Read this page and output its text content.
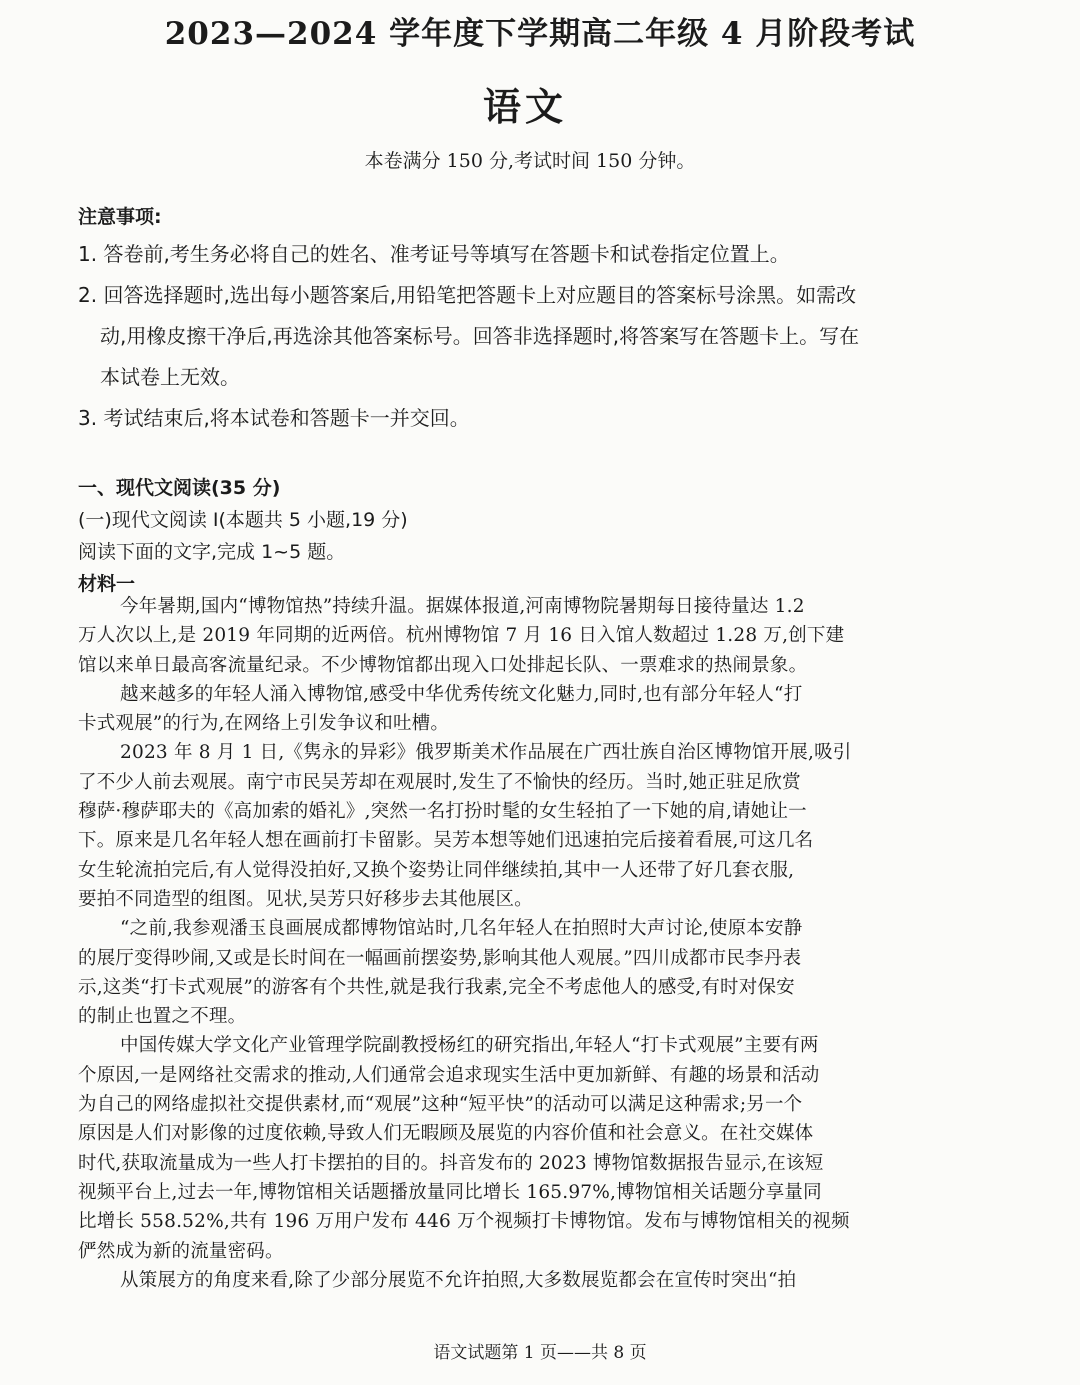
2023—2024 学年度下学期高二年级 4 月阶段考试
语文
本卷满分 150 分,考试时间 150 分钟。
注意事项:
1. 答卷前,考生务必将自己的姓名、准考证号等填写在答题卡和试卷指定位置上。
2. 回答选择题时,选出每小题答案后,用铅笔把答题卡上对应题目的答案标号涂黑。如需改
动,用橡皮擦干净后,再选涂其他答案标号。回答非选择题时,将答案写在答题卡上。写在
本试卷上无效。
3. 考试结束后,将本试卷和答题卡一并交回。
一、现代文阅读(35 分)
(一)现代文阅读 I(本题共 5 小题,19 分)
阅读下面的文字,完成 1~5 题。
材料一
今年暑期,国内“博物馆热”持续升温。据媒体报道,河南博物院暑期每日接待量达 1.2
万人次以上,是 2019 年同期的近两倍。杭州博物馆 7 月 16 日入馆人数超过 1.28 万,创下建
馆以来单日最高客流量纪录。不少博物馆都出现入口处排起长队、一票难求的热闹景象。
越来越多的年轻人涌入博物馆,感受中华优秀传统文化魅力,同时,也有部分年轻人“打
卡式观展”的行为,在网络上引发争议和吐槽。
2023 年 8 月 1 日,《隽永的异彩》俄罗斯美术作品展在广西壮族自治区博物馆开展,吸引
了不少人前去观展。南宁市民吴芳却在观展时,发生了不愉快的经历。当时,她正驻足欣赏
穆萨·穆萨耶夫的《高加索的婚礼》,突然一名打扮时髦的女生轻拍了一下她的肩,请她让一
下。原来是几名年轻人想在画前打卡留影。吴芳本想等她们迅速拍完后接着看展,可这几名
女生轮流拍完后,有人觉得没拍好,又换个姿势让同伴继续拍,其中一人还带了好几套衣服,
要拍不同造型的组图。见状,吴芳只好移步去其他展区。
“之前,我参观潘玉良画展成都博物馆站时,几名年轻人在拍照时大声讨论,使原本安静
的展厅变得吵闹,又或是长时间在一幅画前摆姿势,影响其他人观展。”四川成都市民李丹表
示,这类“打卡式观展”的游客有个共性,就是我行我素,完全不考虑他人的感受,有时对保安
的制止也置之不理。
中国传媒大学文化产业管理学院副教授杨红的研究指出,年轻人“打卡式观展”主要有两
个原因,一是网络社交需求的推动,人们通常会追求现实生活中更加新鲜、有趣的场景和活动
为自己的网络虚拟社交提供素材,而“观展”这种“短平快”的活动可以满足这种需求;另一个
原因是人们对影像的过度依赖,导致人们无暇顾及展览的内容价值和社会意义。在社交媒体
时代,获取流量成为一些人打卡摆拍的目的。抖音发布的 2023 博物馆数据报告显示,在该短
视频平台上,过去一年,博物馆相关话题播放量同比增长 165.97%,博物馆相关话题分享量同
比增长 558.52%,共有 196 万用户发布 446 万个视频打卡博物馆。发布与博物馆相关的视频
俨然成为新的流量密码。
从策展方的角度来看,除了少部分展览不允许拍照,大多数展览都会在宣传时突出“拍
语文试题第 1 页——共 8 页
